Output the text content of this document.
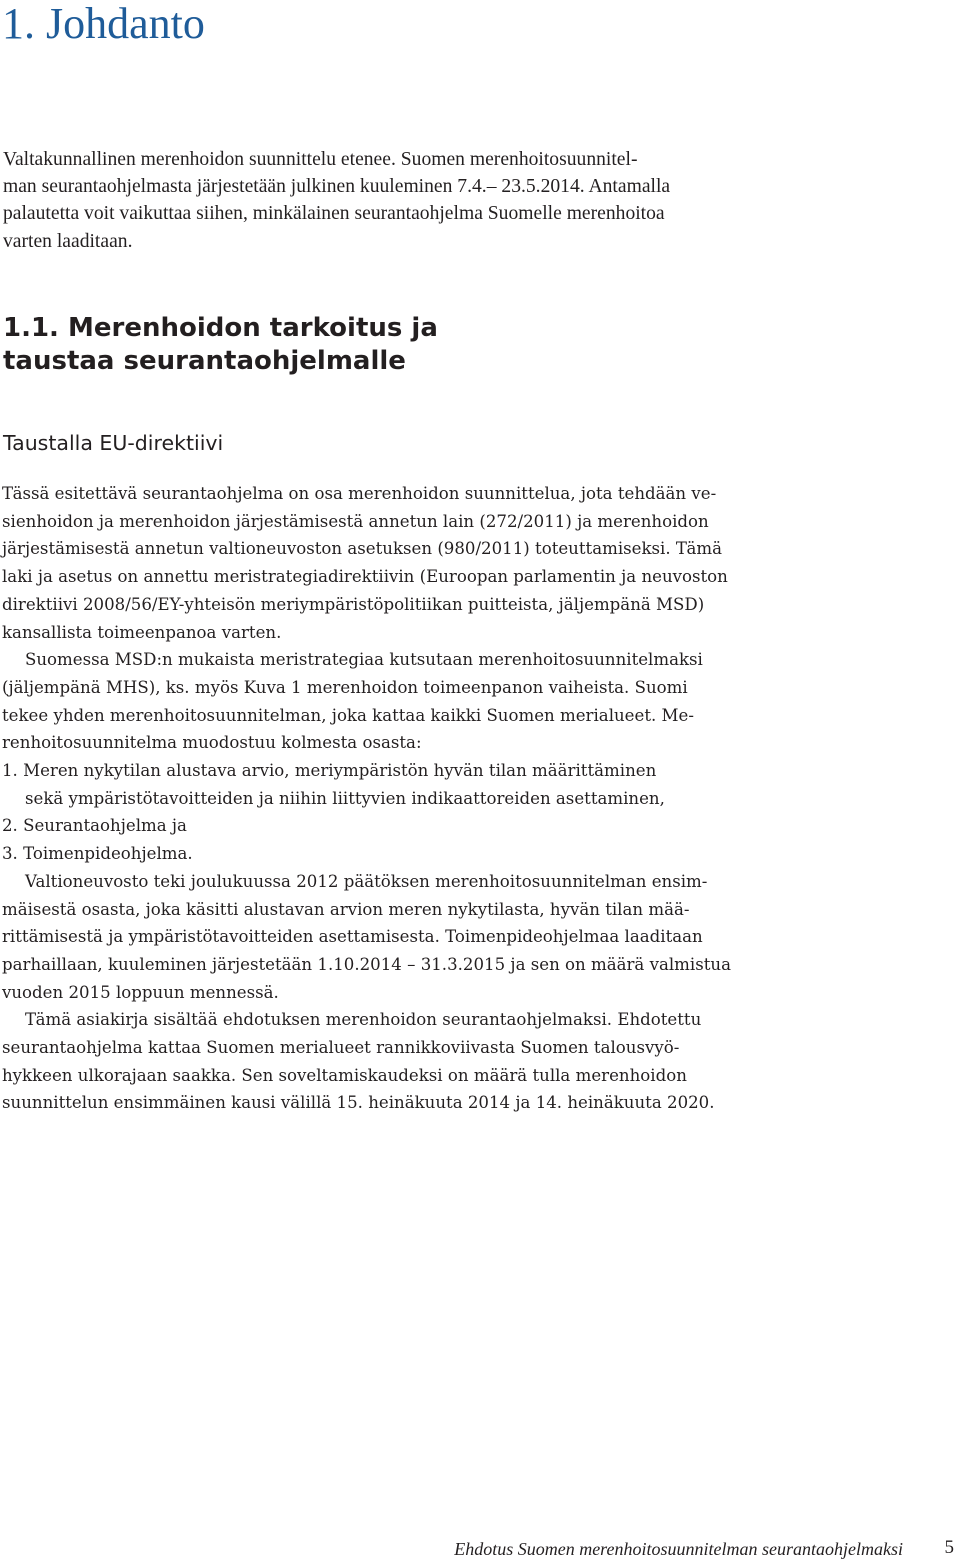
1. Johdanto
Valtakunnallinen merenhoidon suunnittelu etenee. Suomen merenhoitosuunnitel-
man seurantaohjelmasta järjestetään julkinen kuuleminen 7.4.– 23.5.2014. Antamalla
palautetta voit vaikuttaa siihen, minkälainen seurantaohjelma Suomelle merenhoitoa
varten laaditaan.
1.1. Merenhoidon tarkoitus ja
taustaa seurantaohjelmalle
Taustalla EU-direktiivi
Tässä esitettävä seurantaohjelma on osa merenhoidon suunnittelua, jota tehdään ve-
sienhoidon ja merenhoidon järjestämisestä annetun lain (272/2011) ja merenhoidon
järjestämisestä annetun valtioneuvoston asetuksen (980/2011) toteuttamiseksi. Tämä
laki ja asetus on annettu meristrategiadirektiivin (Euroopan parlamentin ja neuvoston
direktiivi 2008/56/EY-yhteisön meriympäristöpolitiikan puitteista, jäljempänä MSD)
kansallista toimeenpanoa varten.
Suomessa MSD:n mukaista meristrategiaa kutsutaan merenhoitosuunnitelmaksi
(jäljempänä MHS), ks. myös Kuva 1 merenhoidon toimeenpanon vaiheista. Suomi
tekee yhden merenhoitosuunnitelman, joka kattaa kaikki Suomen merialueet. Me-
renhoitosuunnitelma muodostuu kolmesta osasta:
1. Meren nykytilan alustava arvio, meriympäristön hyvän tilan määrittäminen
sekä ympäristötavoitteiden ja niihin liittyvien indikaattoreiden asettaminen,
2. Seurantaohjelma ja
3. Toimenpideohjelma.
Valtioneuvosto teki joulukuussa 2012 päätöksen merenhoitosuunnitelman ensim-
mäisestä osasta, joka käsitti alustavan arvion meren nykytilasta, hyvän tilan mää-
rittämisestä ja ympäristötavoitteiden asettamisesta. Toimenpideohjelmaa laaditaan
parhaillaan, kuuleminen järjestetään 1.10.2014 – 31.3.2015 ja sen on määrä valmistua
vuoden 2015 loppuun mennessä.
Tämä asiakirja sisältää ehdotuksen merenhoidon seurantaohjelmaksi. Ehdotettu
seurantaohjelma kattaa Suomen merialueet rannikkoviivasta Suomen talousvyö-
hykkeen ulkorajaan saakka. Sen soveltamiskaudeksi on määrä tulla merenhoidon
suunnittelun ensimmäinen kausi välillä 15. heinäkuuta 2014 ja 14. heinäkuuta 2020.
Ehdotus Suomen merenhoitosuunnitelman seurantaohjelmaksi 5
